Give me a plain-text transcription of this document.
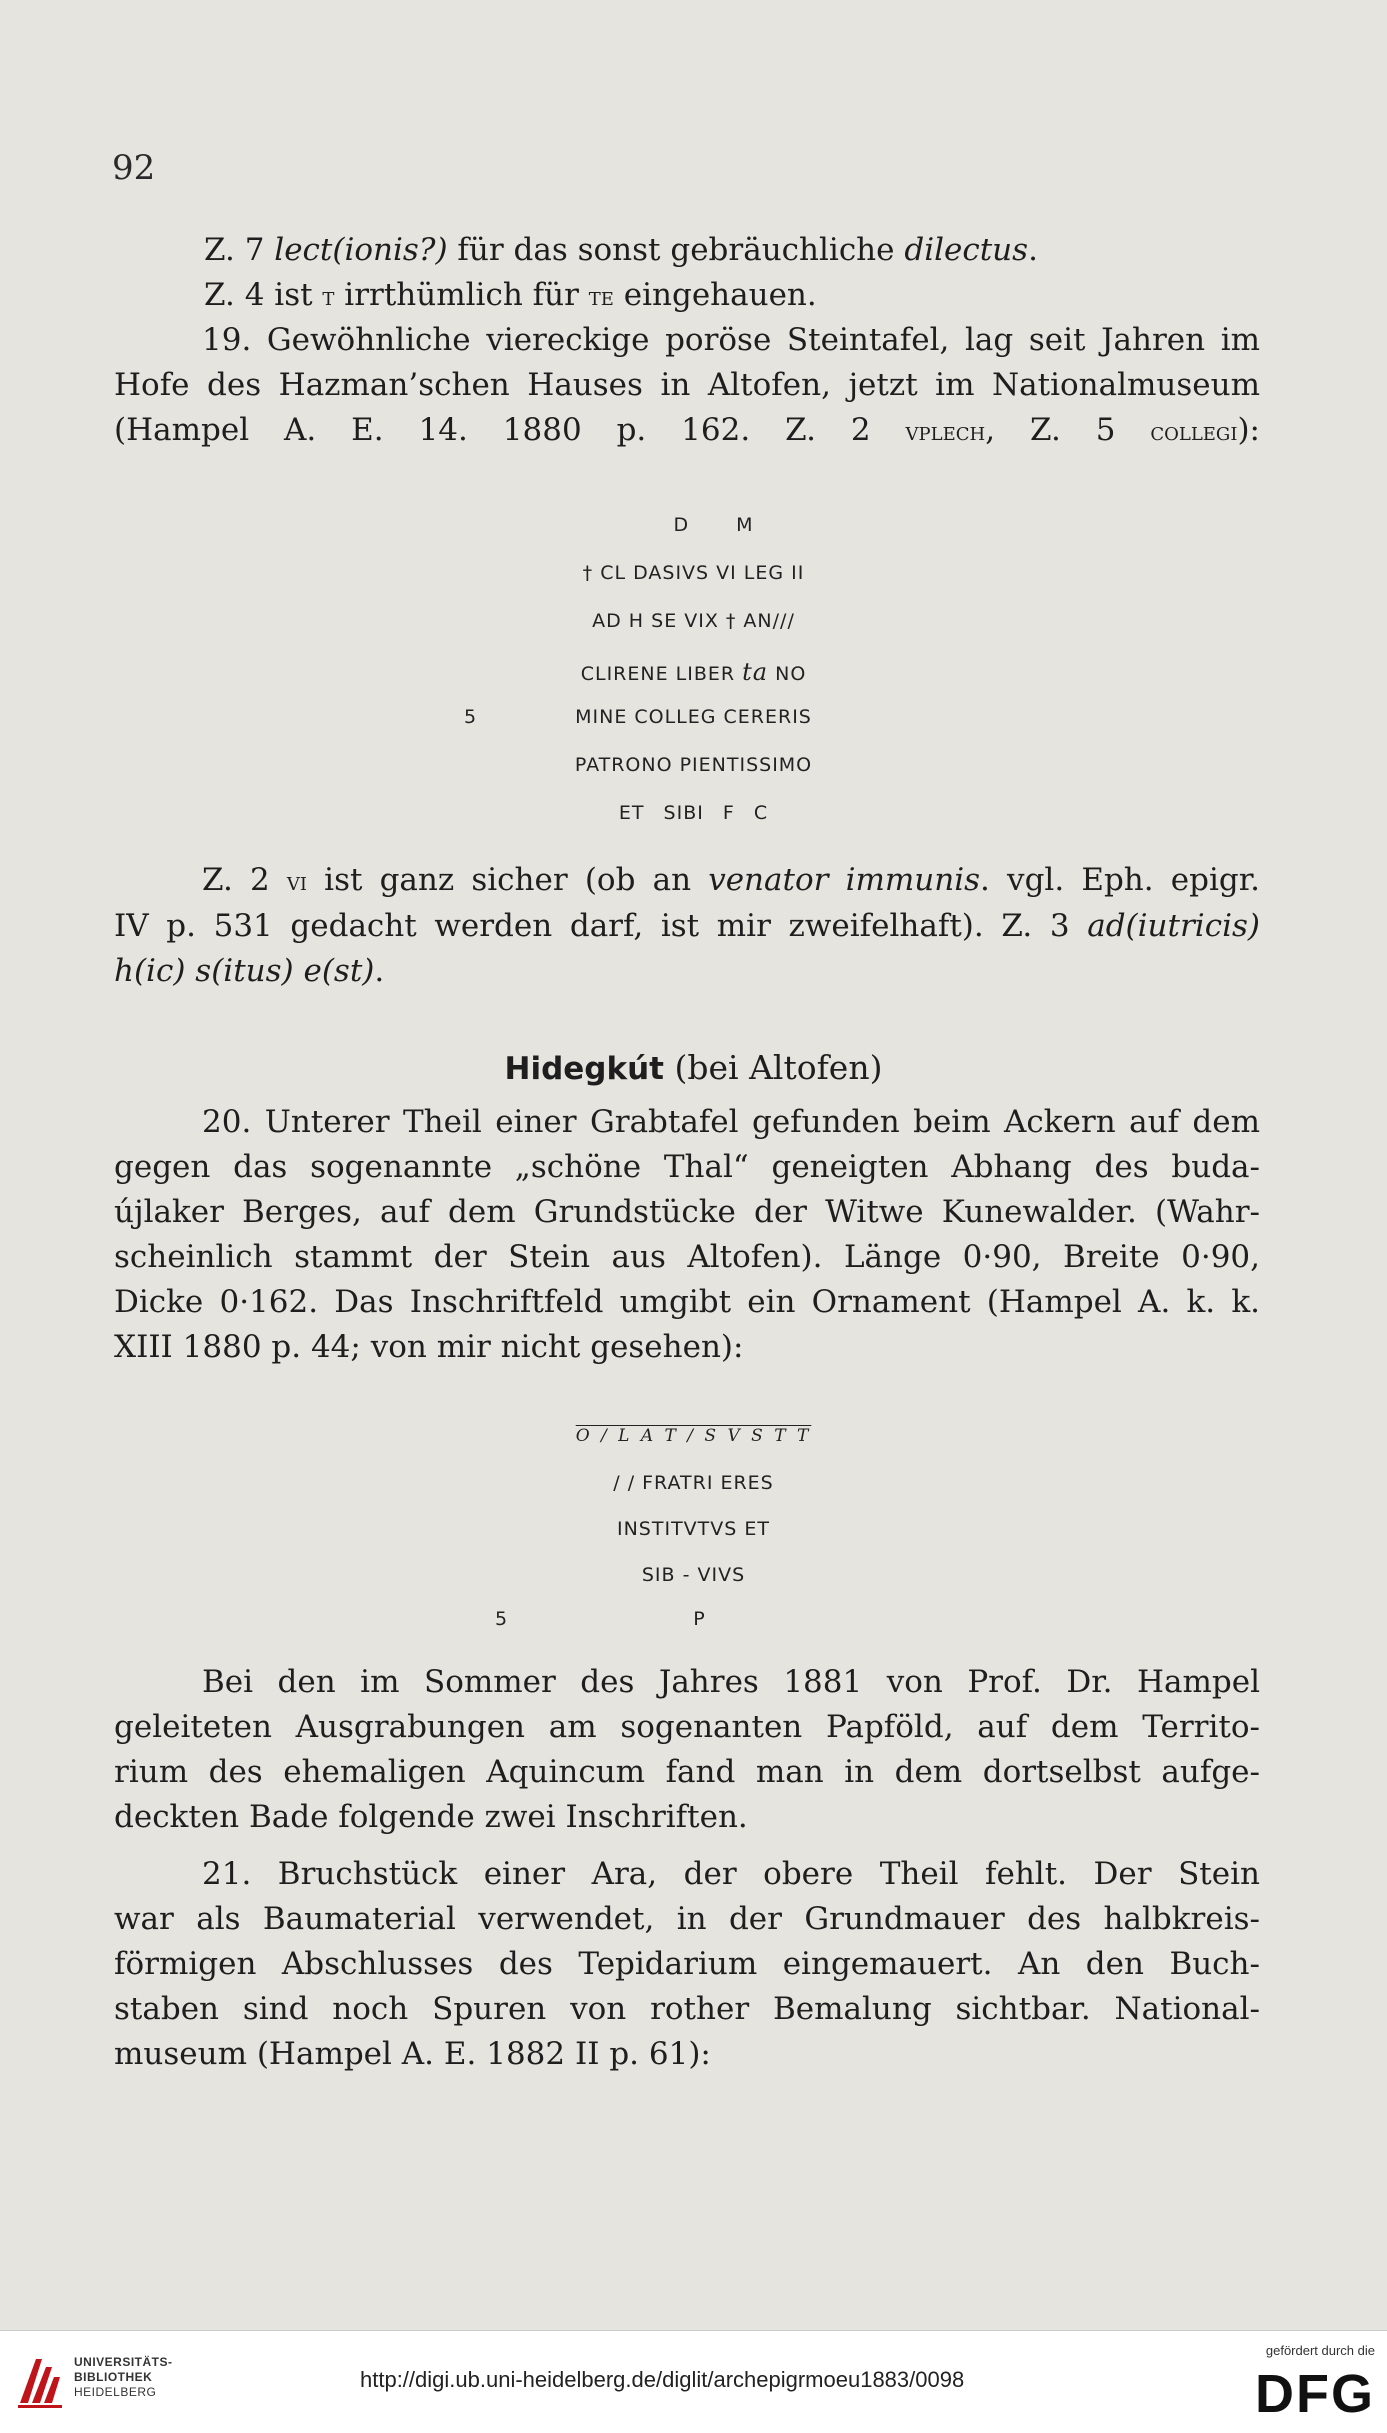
92
Z. 7 lect(ionis?) für das sonst gebräuchliche dilectus.
Z. 4 ist t irrthümlich für te eingehauen.
19. Gewöhnliche viereckige poröse Steintafel, lag seit Jahren im
Hofe des Hazman’schen Hauses in Altofen, jetzt im Nationalmuseum
(Hampel A. E. 14. 1880 p. 162. Z. 2 vplech, Z. 5 collegi):
D M
† CL DASIVS VI LEG II
AD H SE VIX † AN///
CLIRENE LIBER ta NO
5	MINE COLLEG CERERIS
PATRONO PIENTISSIMO
ET SIBI F C
Z. 2 vi ist ganz sicher (ob an venator immunis. vgl. Eph. epigr.
IV p. 531 gedacht werden darf, ist mir zweifelhaft). Z. 3 ad(iutricis)
h(ic) s(itus) e(st).
Hidegkút (bei Altofen)
20. Unterer Theil einer Grabtafel gefunden beim Ackern auf dem
gegen das sogenannte „schöne Thal“ geneigten Abhang des buda-
újlaker Berges, auf dem Grundstücke der Witwe Kunewalder. (Wahr-
scheinlich stammt der Stein aus Altofen). Länge 0·90, Breite 0·90,
Dicke 0·162. Das Inschriftfeld umgibt ein Ornament (Hampel A. k. k.
XIII 1880 p. 44; von mir nicht gesehen):
O / L A T / S V S T T
/ / FRATRI ERES
INSTITVTVS ET
SIB - VIVS
5	P
Bei den im Sommer des Jahres 1881 von Prof. Dr. Hampel
geleiteten Ausgrabungen am sogenanten Papföld, auf dem Territo-
rium des ehemaligen Aquincum fand man in dem dortselbst aufge-
deckten Bade folgende zwei Inschriften.
21. Bruchstück einer Ara, der obere Theil fehlt. Der Stein
war als Baumaterial verwendet, in der Grundmauer des halbkreis-
förmigen Abschlusses des Tepidarium eingemauert. An den Buch-
staben sind noch Spuren von rother Bemalung sichtbar. National-
museum (Hampel A. E. 1882 II p. 61):
UNIVERSITÄTS-
BIBLIOTHEK
HEIDELBERG	http://digi.ub.uni-heidelberg.de/diglit/archepigrmoeu1883/0098
gefördert durch die
DFG
